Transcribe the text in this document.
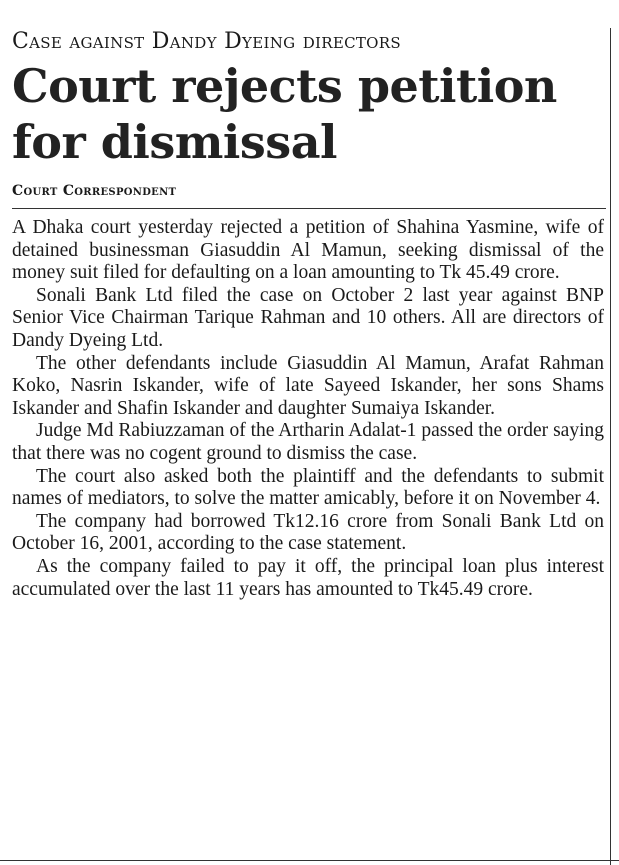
Case against Dandy Dyeing directors
Court rejects petition for dismissal
Court Correspondent

A Dhaka court yesterday rejected a petition of Shahina Yasmine, wife of detained businessman Giasuddin Al Mamun, seeking dismissal of the money suit filed for defaulting on a loan amounting to Tk 45.49 crore.

Sonali Bank Ltd filed the case on October 2 last year against BNP Senior Vice Chairman Tarique Rahman and 10 others. All are directors of Dandy Dyeing Ltd.

The other defendants include Giasuddin Al Mamun, Arafat Rahman Koko, Nasrin Iskander, wife of late Sayeed Iskander, her sons Shams Iskander and Shafin Iskander and daughter Sumaiya Iskander.

Judge Md Rabiuzzaman of the Artharin Adalat-1 passed the order saying that there was no cogent ground to dismiss the case.

The court also asked both the plaintiff and the defendants to submit names of mediators, to solve the matter amicably, before it on November 4.

The company had borrowed Tk12.16 crore from Sonali Bank Ltd on October 16, 2001, according to the case statement.

As the company failed to pay it off, the principal loan plus interest accumulated over the last 11 years has amounted to Tk45.49 crore.
